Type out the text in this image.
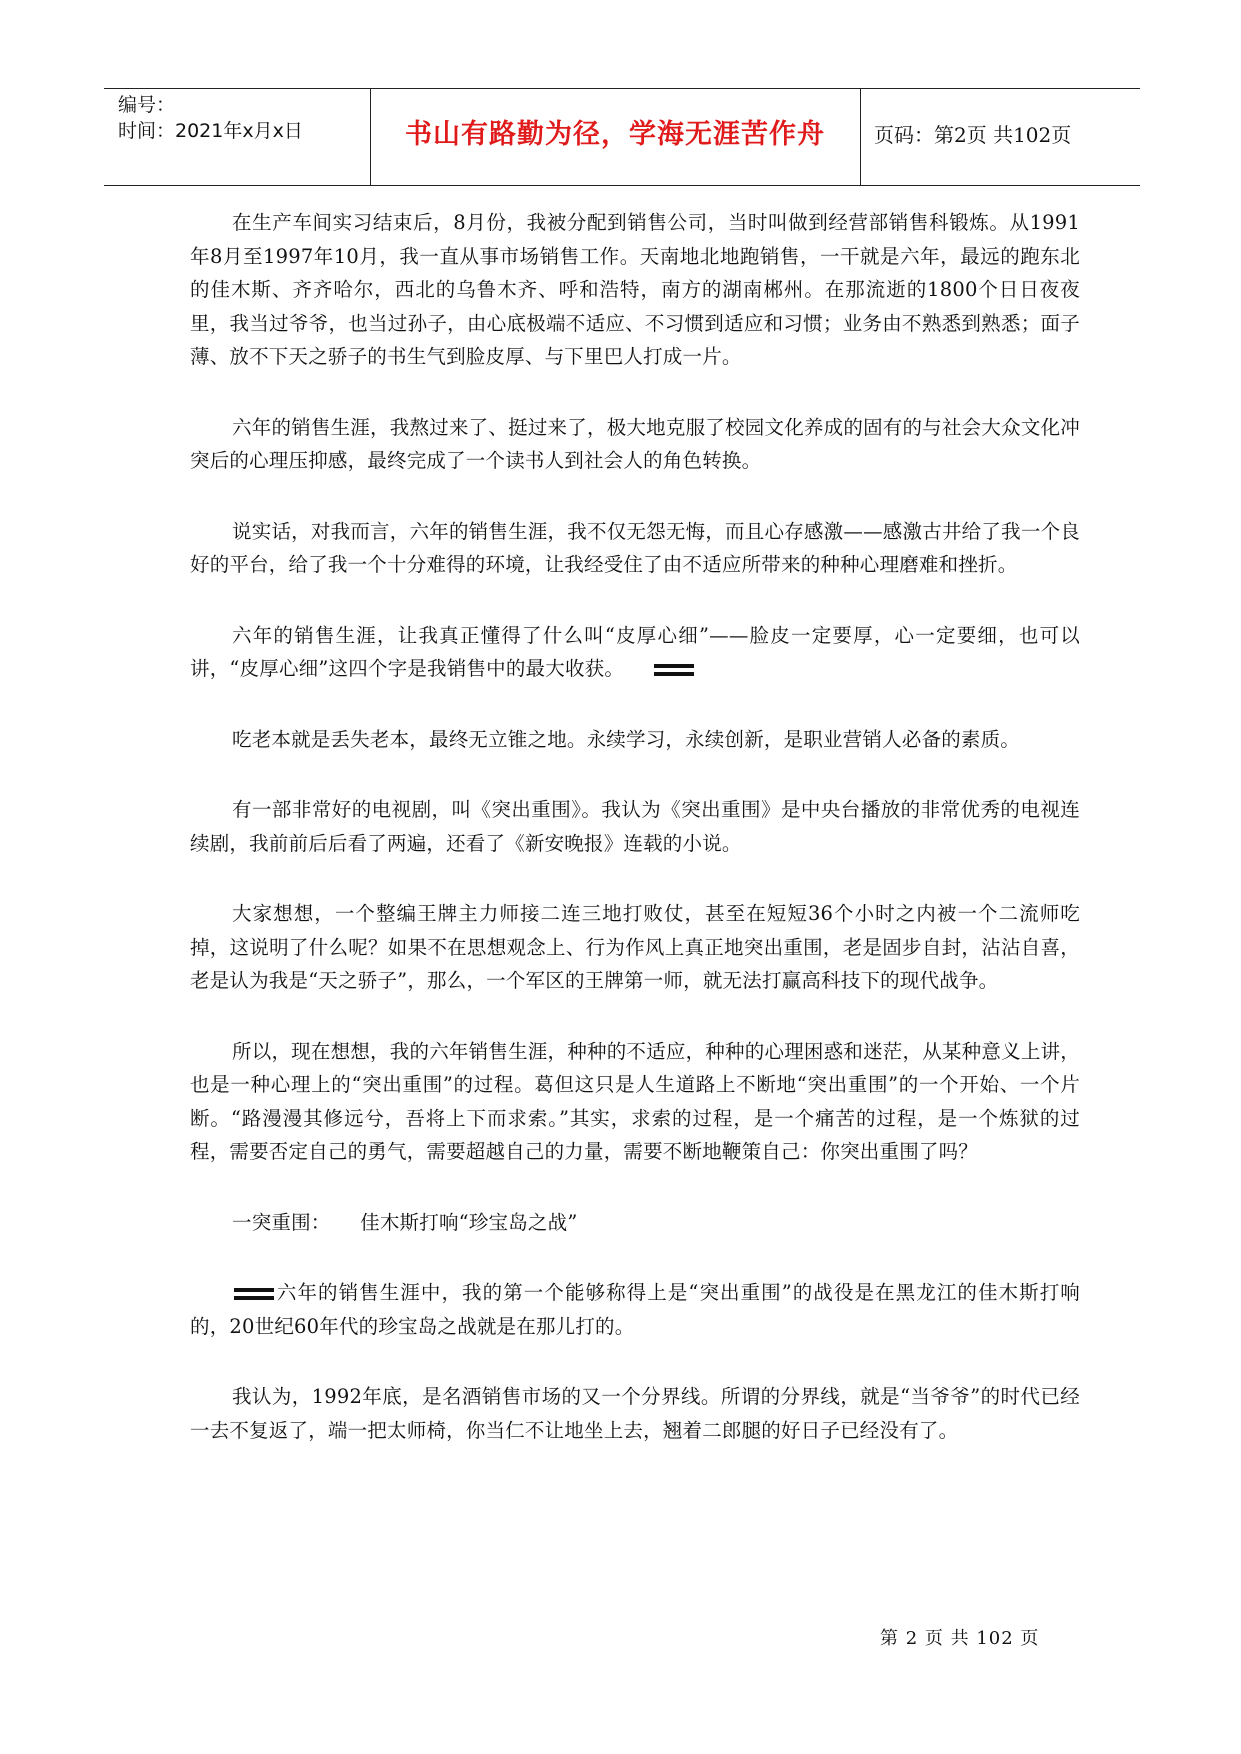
编号：
时间：2021年x月x日	书山有路勤为径，学海无涯苦作舟	页码：第2页 共102页

在生产车间实习结束后，8月份，我被分配到销售公司，当时叫做到经营部销售科锻炼。从1991年8月至1997年10月，我一直从事市场销售工作。天南地北地跑销售，一干就是六年，最远的跑东北的佳木斯、齐齐哈尔，西北的乌鲁木齐、呼和浩特，南方的湖南郴州。在那流逝的1800个日日夜夜里，我当过爷爷，也当过孙子，由心底极端不适应、不习惯到适应和习惯；业务由不熟悉到熟悉；面子薄、放不下天之骄子的书生气到脸皮厚、与下里巴人打成一片。

六年的销售生涯，我熬过来了、挺过来了，极大地克服了校园文化养成的固有的与社会大众文化冲突后的心理压抑感，最终完成了一个读书人到社会人的角色转换。

说实话，对我而言，六年的销售生涯，我不仅无怨无悔，而且心存感激——感激古井给了我一个良好的平台，给了我一个十分难得的环境，让我经受住了由不适应所带来的种种心理磨难和挫折。

六年的销售生涯，让我真正懂得了什么叫“皮厚心细”——脸皮一定要厚，心一定要细，也可以讲，“皮厚心细”这四个字是我销售中的最大收获。

吃老本就是丢失老本，最终无立锥之地。永续学习，永续创新，是职业营销人必备的素质。

有一部非常好的电视剧，叫《突出重围》。我认为《突出重围》是中央台播放的非常优秀的电视连续剧，我前前后后看了两遍，还看了《新安晚报》连载的小说。

大家想想，一个整编王牌主力师接二连三地打败仗，甚至在短短36个小时之内被一个二流师吃掉，这说明了什么呢？如果不在思想观念上、行为作风上真正地突出重围，老是固步自封，沾沾自喜，老是认为我是“天之骄子”，那么，一个军区的王牌第一师，就无法打赢高科技下的现代战争。

所以，现在想想，我的六年销售生涯，种种的不适应，种种的心理困惑和迷茫，从某种意义上讲，也是一种心理上的“突出重围”的过程。葛但这只是人生道路上不断地“突出重围”的一个开始、一个片断。“路漫漫其修远兮，吾将上下而求索。”其实，求索的过程，是一个痛苦的过程，是一个炼狱的过程，需要否定自己的勇气，需要超越自己的力量，需要不断地鞭策自己：你突出重围了吗？

一突重围：　　佳木斯打响“珍宝岛之战”

六年的销售生涯中，我的第一个能够称得上是“突出重围”的战役是在黑龙江的佳木斯打响的，20世纪60年代的珍宝岛之战就是在那儿打的。

我认为，1992年底，是名酒销售市场的又一个分界线。所谓的分界线，就是“当爷爷”的时代已经一去不复返了，端一把太师椅，你当仁不让地坐上去，翘着二郎腿的好日子已经没有了。

第 2 页 共 102 页
